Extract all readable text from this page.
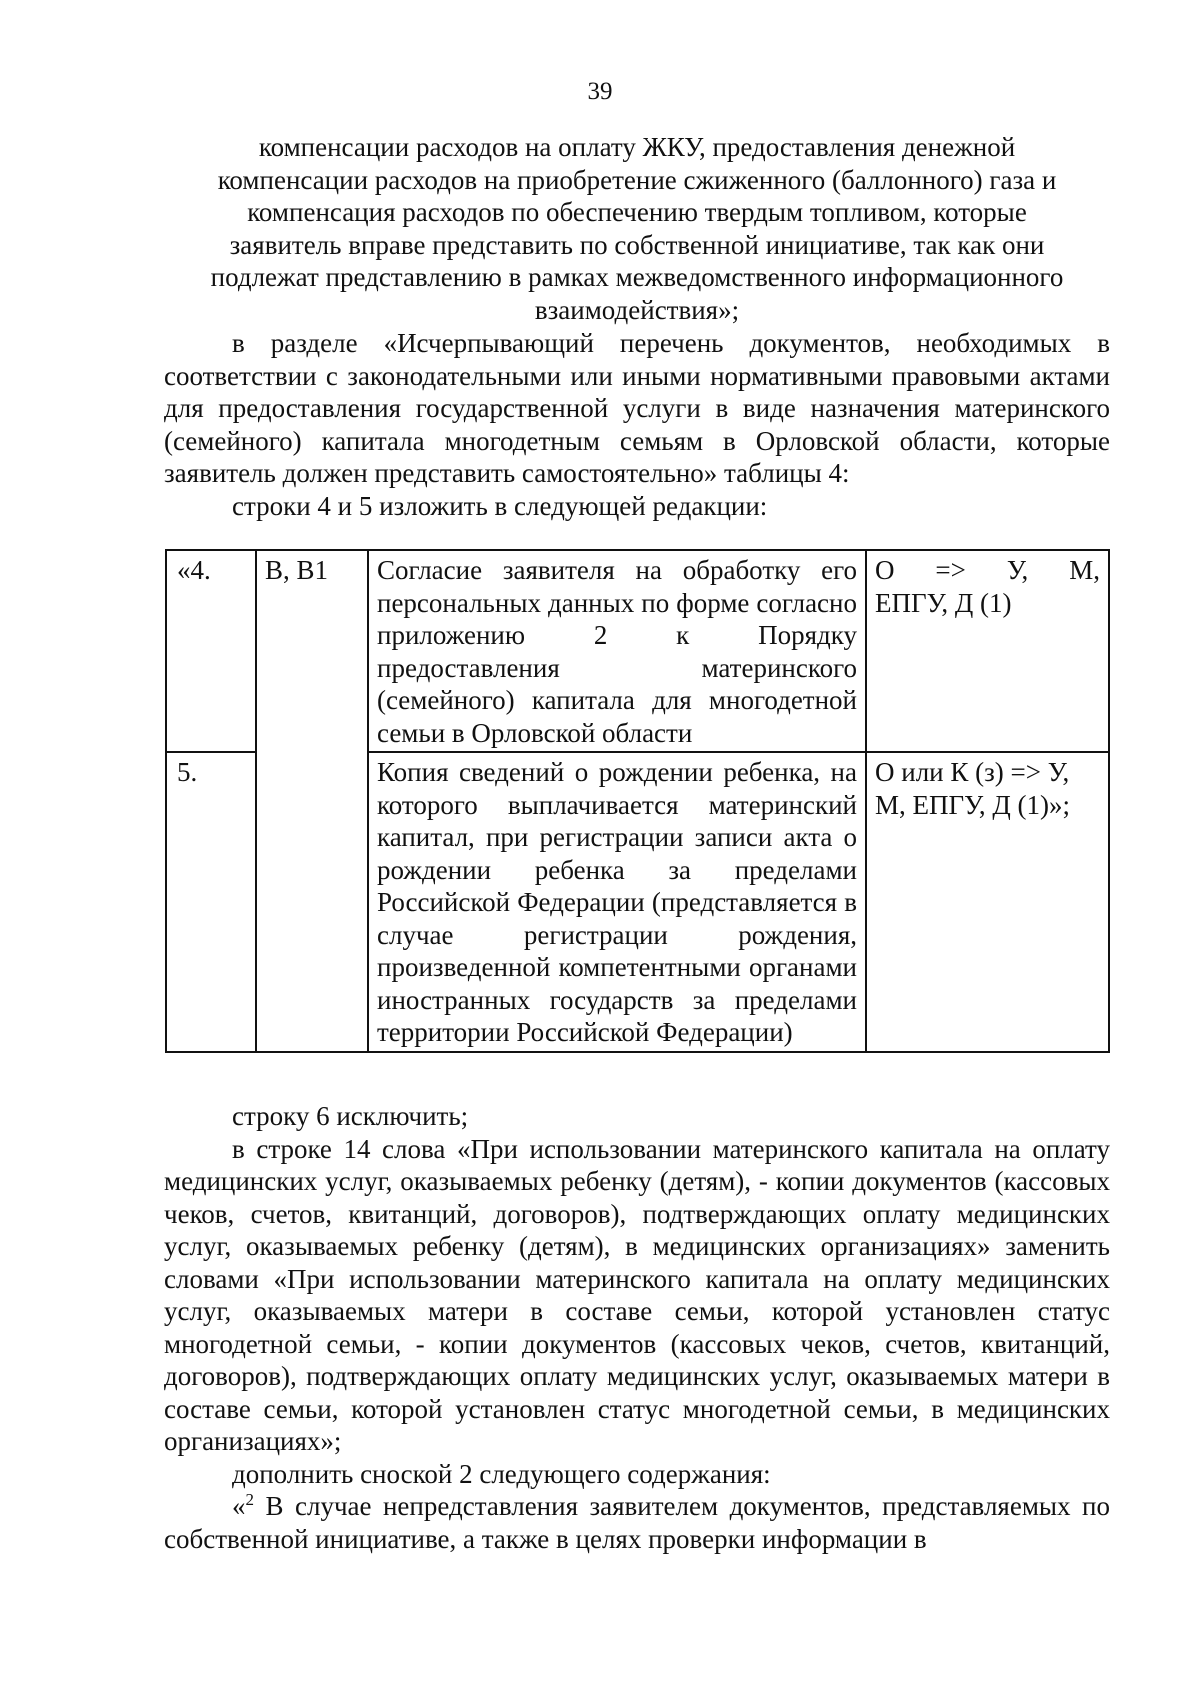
39

компенсации расходов на оплату ЖКУ, предоставления денежной

компенсации расходов на приобретение сжиженного (баллонного) газа и

компенсация расходов по обеспечению твердым топливом, которые

заявитель вправе представить по собственной инициативе, так как они

подлежат представлению в рамках межведомственного информационного

взаимодействия»;

в разделе «Исчерпывающий перечень документов, необходимых в соответствии с законодательными или иными нормативными правовыми актами для предоставления государственной услуги в виде назначения материнского (семейного) капитала многодетным семьям в Орловской области, которые заявитель должен представить самостоятельно» таблицы 4:

строки 4 и 5 изложить в следующей редакции:

«4.	В, В1	Согласие заявителя на обработку его персональных данных по форме согласно приложению 2 к Порядку предоставления материнского (семейного) капитала для многодетной семьи в Орловской области	О => У, М,
ЕПГУ, Д (1)

5.		Копия сведений о рождении ребенка, на которого выплачивается материнский капитал, при регистрации записи акта о рождении ребенка за пределами Российской Федерации (представляется в случае регистрации рождения, произведенной компетентными органами иностранных государств за пределами территории Российской Федерации)	О или К (з) => У, М, ЕПГУ, Д (1)»;

строку 6 исключить;

в строке 14 слова «При использовании материнского капитала на оплату медицинских услуг, оказываемых ребенку (детям), - копии документов (кассовых чеков, счетов, квитанций, договоров), подтверждающих оплату медицинских услуг, оказываемых ребенку (детям), в медицинских организациях» заменить словами «При использовании материнского капитала на оплату медицинских услуг, оказываемых матери в составе семьи, которой установлен статус многодетной семьи, - копии документов (кассовых чеков, счетов, квитанций, договоров), подтверждающих оплату медицинских услуг, оказываемых матери в составе семьи, которой установлен статус многодетной семьи, в медицинских организациях»;

дополнить сноской 2 следующего содержания:

«$^2$ В случае непредставления заявителем документов, представляемых по собственной инициативе, а также в целях проверки информации в
